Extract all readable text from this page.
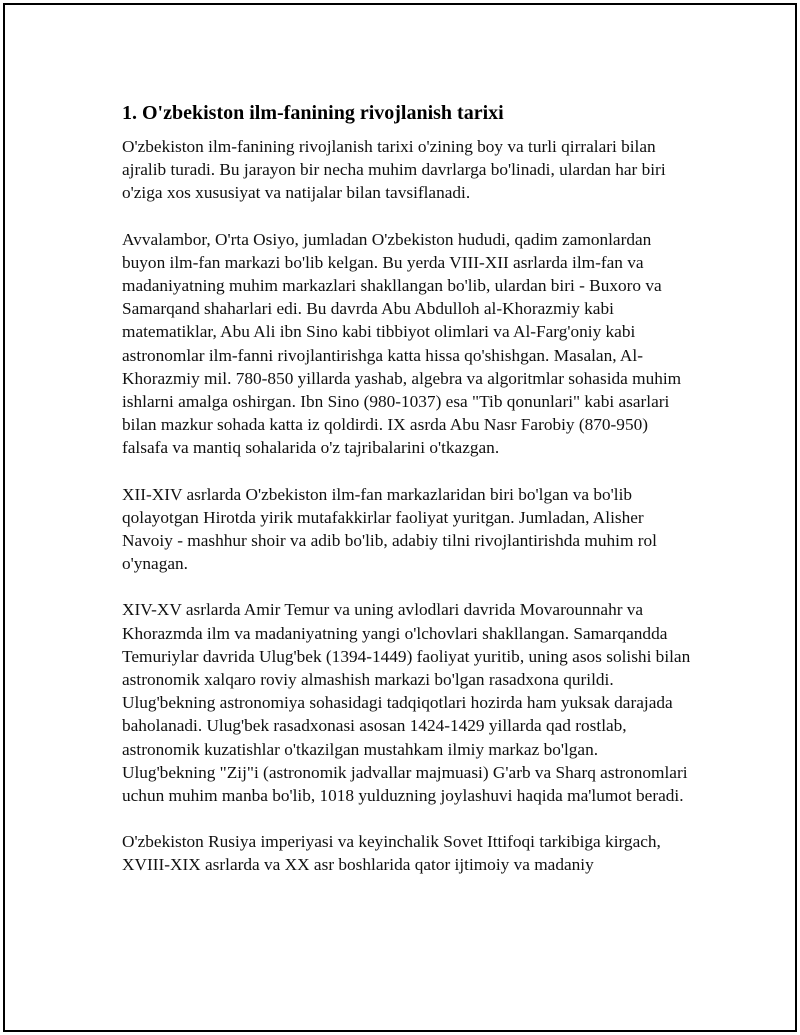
1. O'zbekiston ilm-fanining rivojlanish tarixi

O'zbekiston ilm-fanining rivojlanish tarixi o'zining boy va turli qirralari bilan ajralib turadi. Bu jarayon bir necha muhim davrlarga bo'linadi, ulardan har biri o'ziga xos xususiyat va natijalar bilan tavsiflanadi.

Avvalambor, O'rta Osiyo, jumladan O'zbekiston hududi, qadim zamonlardan buyon ilm-fan markazi bo'lib kelgan. Bu yerda VIII-XII asrlarda ilm-fan va madaniyatning muhim markazlari shakllangan bo'lib, ulardan biri - Buxoro va Samarqand shaharlari edi. Bu davrda Abu Abdulloh al-Khorazmiy kabi matematiklar, Abu Ali ibn Sino kabi tibbiyot olimlari va Al-Farg'oniy kabi astronomlar ilm-fanni rivojlantirishga katta hissa qo'shishgan. Masalan, Al-Khorazmiy mil. 780-850 yillarda yashab, algebra va algoritmlar sohasida muhim ishlarni amalga oshirgan. Ibn Sino (980-1037) esa "Tib qonunlari" kabi asarlari bilan mazkur sohada katta iz qoldirdi. IX asrda Abu Nasr Farobiy (870-950) falsafa va mantiq sohalarida o'z tajribalarini o'tkazgan.

XII-XIV asrlarda O'zbekiston ilm-fan markazlaridan biri bo'lgan va bo'lib qolayotgan Hirotda yirik mutafakkirlar faoliyat yuritgan. Jumladan, Alisher Navoiy - mashhur shoir va adib bo'lib, adabiy tilni rivojlantirishda muhim rol o'ynagan.

XIV-XV asrlarda Amir Temur va uning avlodlari davrida Movarounnahr va Khorazmda ilm va madaniyatning yangi o'lchovlari shakllangan. Samarqandda Temuriylar davrida Ulug'bek (1394-1449) faoliyat yuritib, uning asos solishi bilan astronomik xalqaro roviy almashish markazi bo'lgan rasadxona qurildi. Ulug'bekning astronomiya sohasidagi tadqiqotlari hozirda ham yuksak darajada baholanadi. Ulug'bek rasadxonasi asosan 1424-1429 yillarda qad rostlab, astronomik kuzatishlar o'tkazilgan mustahkam ilmiy markaz bo'lgan. Ulug'bekning "Zij"i (astronomik jadvallar majmuasi) G'arb va Sharq astronomlari uchun muhim manba bo'lib, 1018 yulduzning joylashuvi haqida ma'lumot beradi.

O'zbekiston Rusiya imperiyasi va keyinchalik Sovet Ittifoqi tarkibiga kirgach, XVIII-XIX asrlarda va XX asr boshlarida qator ijtimoiy va madaniy
